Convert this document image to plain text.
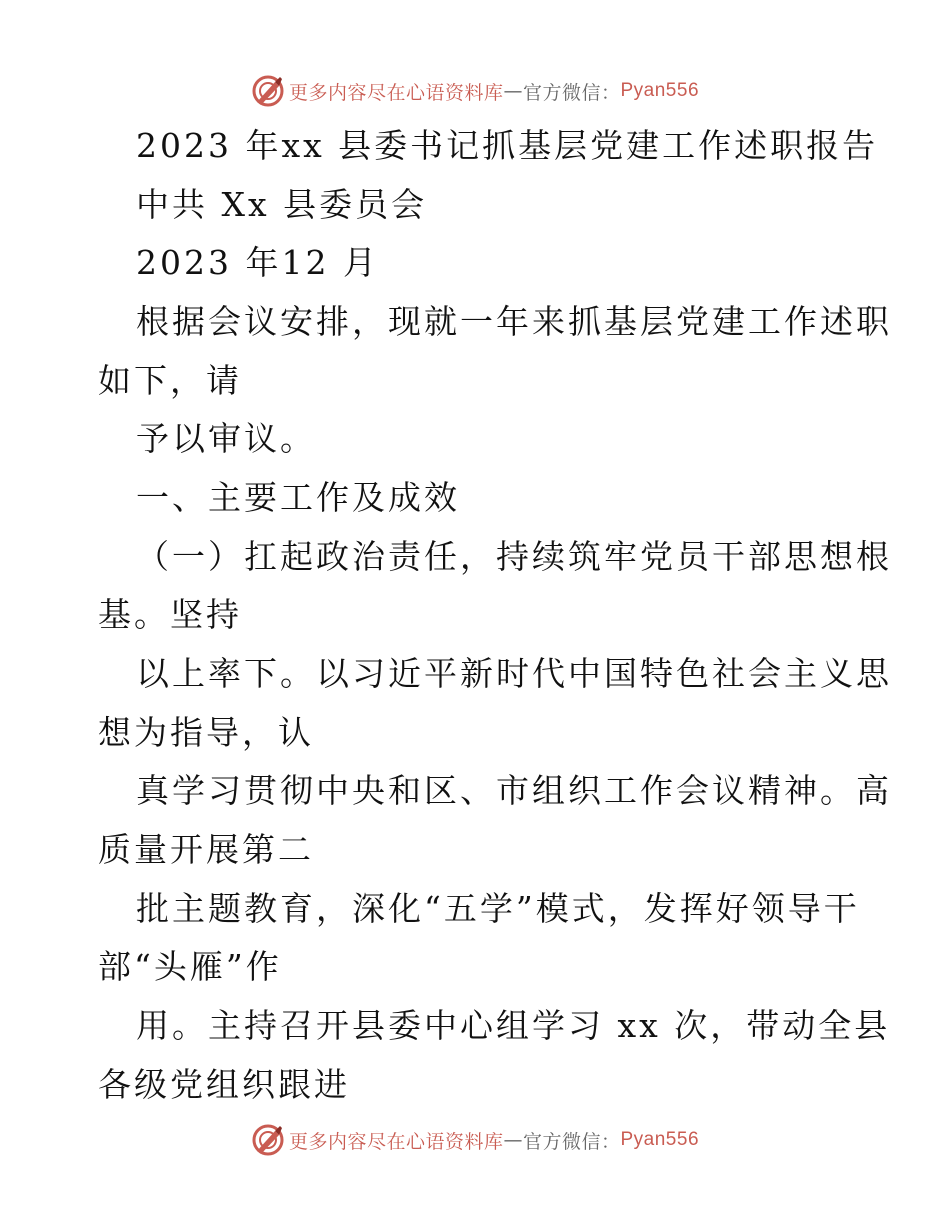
更多内容尽在心语资料库 — 官方微信： Pyan556
2023 年xx 县委书记抓基层党建工作述职报告
中共 Xx 县委员会
2023 年12 月
根据会议安排，现就一年来抓基层党建工作述职
如下，请
予以审议。
一、主要工作及成效
（一）扛起政治责任，持续筑牢党员干部思想根
基。坚持
以上率下。以习近平新时代中国特色社会主义思
想为指导，认
真学习贯彻中央和区、市组织工作会议精神。高
质量开展第二
批主题教育，深化“五学”模式，发挥好领导干
部“头雁”作
用。主持召开县委中心组学习 xx 次，带动全县
各级党组织跟进
更多内容尽在心语资料库 — 官方微信： Pyan556
